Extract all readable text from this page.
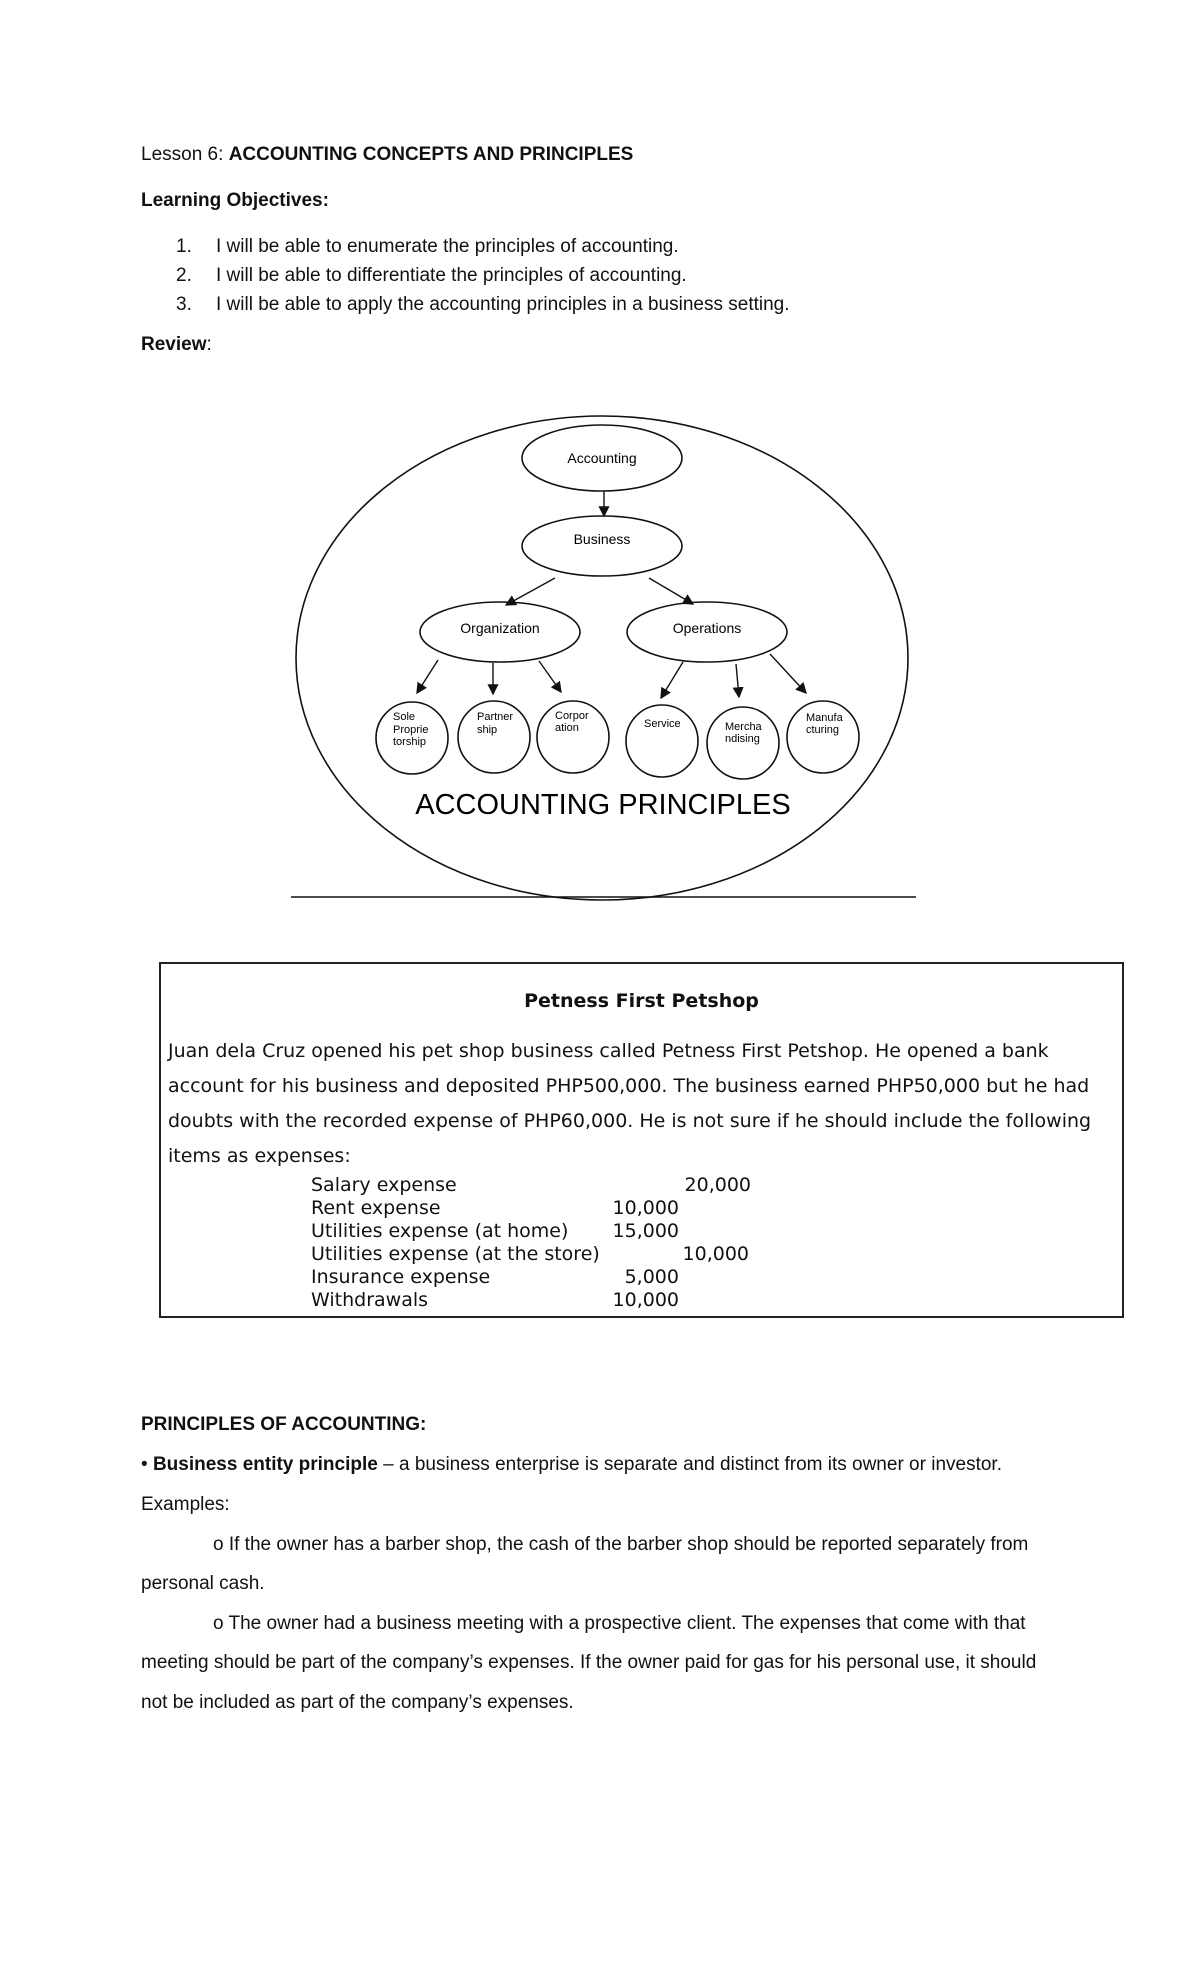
Lesson 6: ACCOUNTING CONCEPTS AND PRINCIPLES
Learning Objectives:
1. I will be able to enumerate the principles of accounting.
2. I will be able to differentiate the principles of accounting.
3. I will be able to apply the accounting principles in a business setting.
Review:
Accounting
Business
Organization	Operations
Sole
Proprie
torship
Partner
ship
Corpor
ation	Service	Mercha
ndising
Manufa
cturing
ACCOUNTING PRINCIPLES
Petness First Petshop

Juan dela Cruz opened his pet shop business called Petness First Petshop. He opened a bank account for his business and deposited PHP500,000. The business earned PHP50,000 but he had doubts with the recorded expense of PHP60,000. He is not sure if he should include the following items as expenses:

Salary expense	20,000
Rent expense	10,000
Utilities expense (at home)	15,000
Utilities expense (at the store)	10,000
Insurance expense	5,000
Withdrawals	10,000
PRINCIPLES OF ACCOUNTING:
• Business entity principle – a business enterprise is separate and distinct from its owner or investor.
Examples:
o If the owner has a barber shop, the cash of the barber shop should be reported separately from
personal cash.
o The owner had a business meeting with a prospective client. The expenses that come with that
meeting should be part of the company’s expenses. If the owner paid for gas for his personal use, it should
not be included as part of the company’s expenses.
